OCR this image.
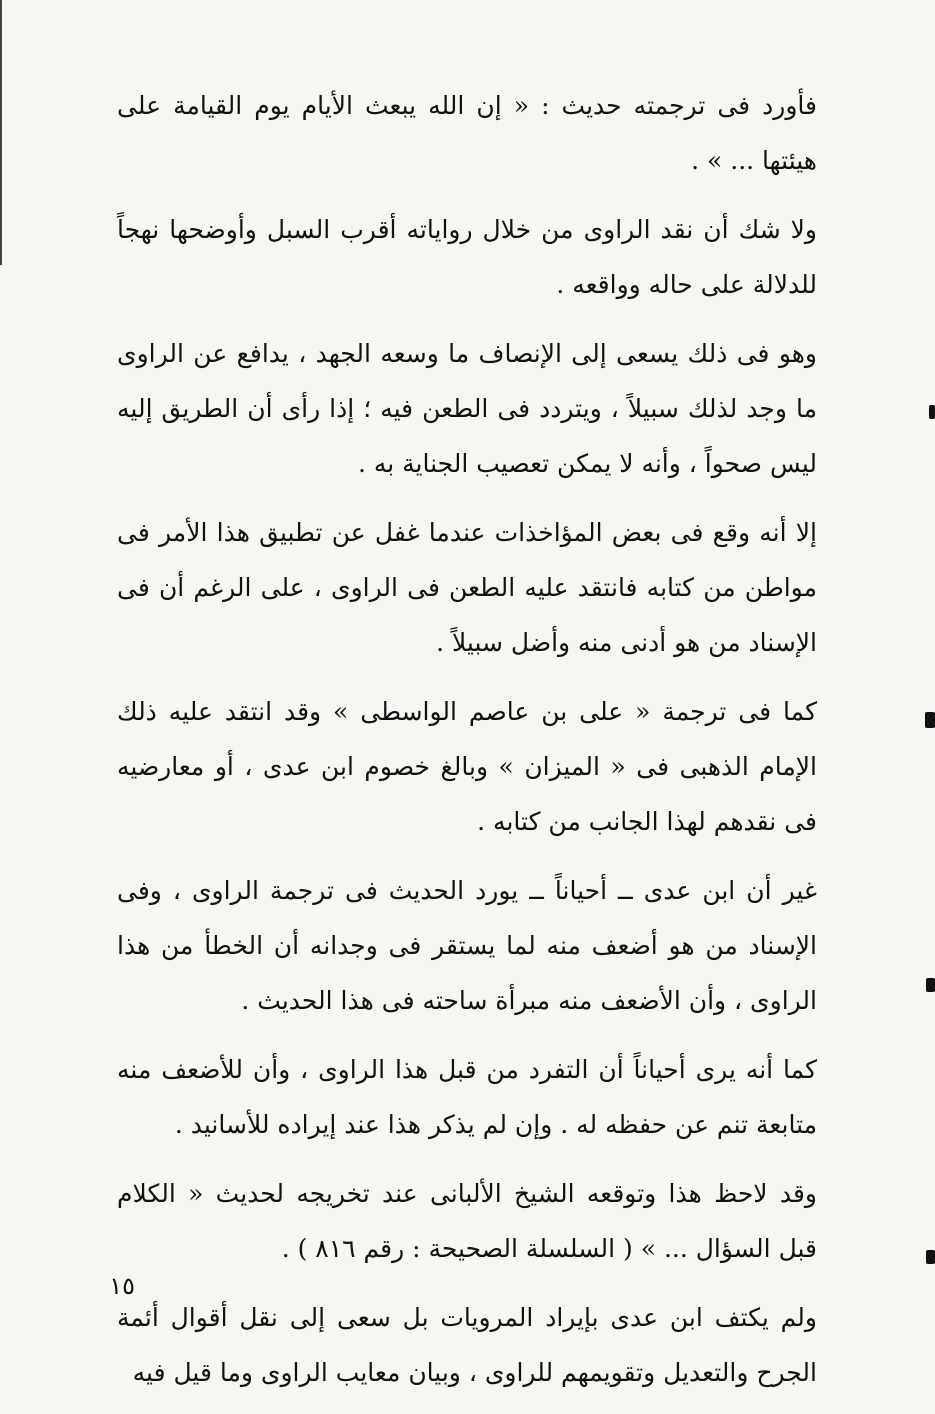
فأورد فى ترجمته حديث : « إن الله يبعث الأيام يوم القيامة على هيئتها ... » .

ولا شك أن نقد الراوى من خلال رواياته أقرب السبل وأوضحها نهجاً للدلالة على حاله وواقعه .

وهو فى ذلك يسعى إلى الإنصاف ما وسعه الجهد ، يدافع عن الراوى ما وجد لذلك سبيلاً ، ويتردد فى الطعن فيه ؛ إذا رأى أن الطريق إليه ليس صحواً ، وأنه لا يمكن تعصيب الجناية به .

إلا أنه وقع فى بعض المؤاخذات عندما غفل عن تطبيق هذا الأمر فى مواطن من كتابه فانتقد عليه الطعن فى الراوى ، على الرغم أن فى الإسناد من هو أدنى منه وأضل سبيلاً .

كما فى ترجمة « على بن عاصم الواسطى » وقد انتقد عليه ذلك الإمام الذهبى فى « الميزان » وبالغ خصوم ابن عدى ، أو معارضيه فى نقدهم لهذا الجانب من كتابه .

غير أن ابن عدى ــ أحياناً ــ يورد الحديث فى ترجمة الراوى ، وفى الإسناد من هو أضعف منه لما يستقر فى وجدانه أن الخطأ من هذا الراوى ، وأن الأضعف منه مبرأة ساحته فى هذا الحديث .

كما أنه يرى أحياناً أن التفرد من قبل هذا الراوى ، وأن للأضعف منه متابعة تنم عن حفظه له . وإن لم يذكر هذا عند إيراده للأسانيد .

وقد لاحظ هذا وتوقعه الشيخ الألبانى عند تخريجه لحديث « الكلام قبل السؤال ... » ( السلسلة الصحيحة : رقم ٨١٦ ) .

ولم يكتف ابن عدى بإيراد المرويات بل سعى إلى نقل أقوال أئمة الجرح والتعديل وتقويمهم للراوى ، وبيان معايب الراوى وما قيل فيه

١٥
